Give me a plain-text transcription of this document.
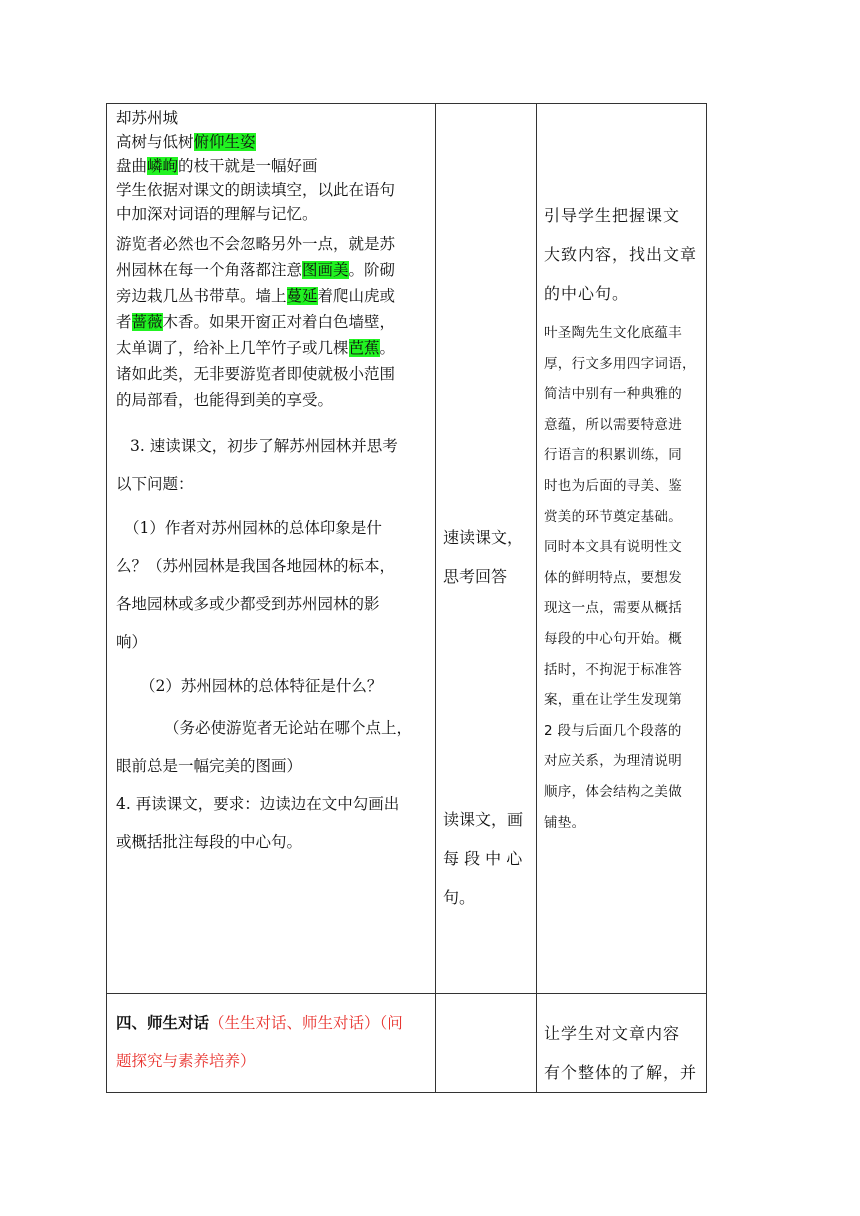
却苏州城

高树与低树俯仰生姿

盘曲嶙峋的枝干就是一幅好画

学生依据对课文的朗读填空，以此在语句

中加深对词语的理解与记忆。

游览者必然也不会忽略另外一点，就是苏

州园林在每一个角落都注意图画美。阶砌

旁边栽几丛书带草。墙上蔓延着爬山虎或

者蔷薇木香。如果开窗正对着白色墙壁，

太单调了，给补上几竿竹子或几棵芭蕉。

诸如此类，无非要游览者即使就极小范围

的局部看，也能得到美的享受。

3. 速读课文，初步了解苏州园林并思考

以下问题：

（1）作者对苏州园林的总体印象是什

么？（苏州园林是我国各地园林的标本，

各地园林或多或少都受到苏州园林的影

响）

（2）苏州园林的总体特征是什么？

（务必使游览者无论站在哪个点上，

眼前总是一幅完美的图画）

4. 再读课文，要求：边读边在文中勾画出

或概括批注每段的中心句。

速读课文，

思考回答

读课文，画

每 段 中 心

句。

引导学生把握课文
大致内容，找出文章
的中心句。

叶圣陶先生文化底蕴丰

厚，行文多用四字词语，

简洁中别有一种典雅的

意蕴，所以需要特意进

行语言的积累训练，同

时也为后面的寻美、鉴

赏美的环节奠定基础。

同时本文具有说明性文

体的鲜明特点，要想发

现这一点，需要从概括

每段的中心句开始。概

括时，不拘泥于标准答

案，重在让学生发现第

2 段与后面几个段落的

对应关系，为理清说明

顺序，体会结构之美做

铺垫。

四、师生对话（生生对话、师生对话）（问

题探究与素养培养）

让学生对文章内容
有个整体的了解，并
